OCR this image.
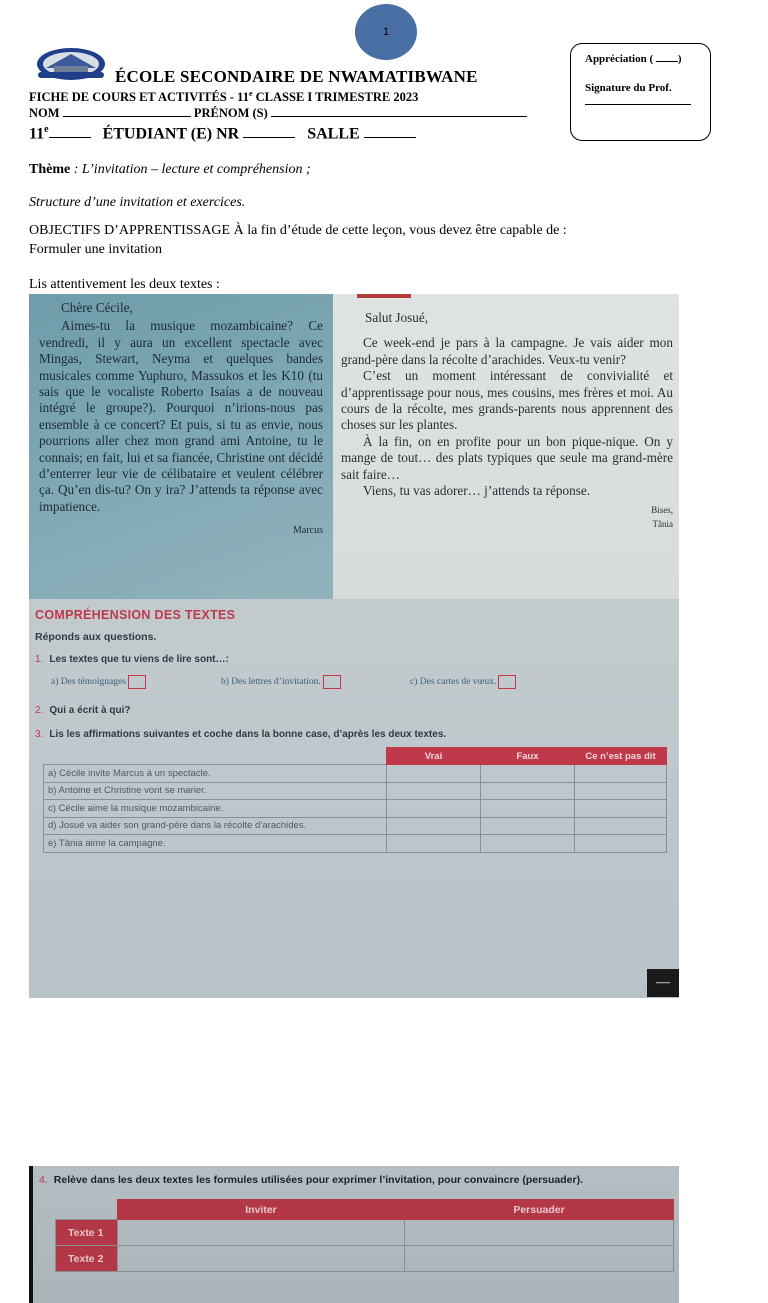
1
ÉCOLE SECONDAIRE DE NWAMATIBWANE
FICHE DE COURS ET ACTIVITÉS - 11e CLASSE I TRIMESTRE 2023
NOM	PRÉNOM (S)
11e	ÉTUDIANT (E) NR	SALLE
Appréciation ( )
Signature du Prof.
Thème : L’invitation – lecture et compréhension ;
Structure d’une invitation et exercices.
OBJECTIFS D’APPRENTISSAGE À la fin d’étude de cette leçon, vous devez être capable de :
Formuler une invitation
Lis attentivement les deux textes :
Chère Cécile,
Aimes-tu la musique mozambicaine? Ce vendredi, il y aura un excellent spectacle avec Mingas, Stewart, Neyma et quelques bandes musicales comme Yuphuro, Massukos et les K10 (tu sais que le vocaliste Roberto Isaías a de nouveau intégré le groupe?). Pourquoi n’irions-nous pas ensemble à ce concert? Et puis, si tu as envie, nous pourrions aller chez mon grand ami Antoine, tu le connais; en fait, lui et sa fiancée, Christine ont décidé d’enterrer leur vie de célibataire et veulent célébrer ça. Qu’en dis-tu? On y ira? J’attends ta réponse avec impatience.
Marcus
Salut Josué,
Ce week-end je pars à la campagne. Je vais aider mon grand-père dans la récolte d’arachides. Veux-tu venir?
C’est un moment intéressant de convivialité et d’apprentissage pour nous, mes cousins, mes frères et moi. Au cours de la récolte, mes grands-parents nous apprennent des choses sur les plantes.
À la fin, on en profite pour un bon pique-nique. On y mange de tout… des plats typiques que seule ma grand-mère sait faire…
Viens, tu vas adorer… j’attends ta réponse.
Bises,
Tânia
COMPRÉHENSION DES TEXTES
Réponds aux questions.
1. Les textes que tu viens de lire sont…:
2. Qui a écrit à qui?
3. Lis les affirmations suivantes et coche dans la bonne case, d’après les deux textes.
	Vrai	Faux	Ce n’est pas dit
a) Cécile invite Marcus à un spectacle.			
b) Antoine et Christine vont se marier.			
c) Cécile aime la musique mozambicaine.			
d) Josué va aider son grand-père dans la récolte d’arachides.			
e) Tânia aime la campagne.			
4. Relève dans les deux textes les formules utilisées pour exprimer l’invitation, pour convaincre (persuader).
	Inviter	Persuader
Texte 1		
Texte 2		
—
a) Des témoignages	b) Des lettres d’invitation.	c) Des cartes de vœux.
